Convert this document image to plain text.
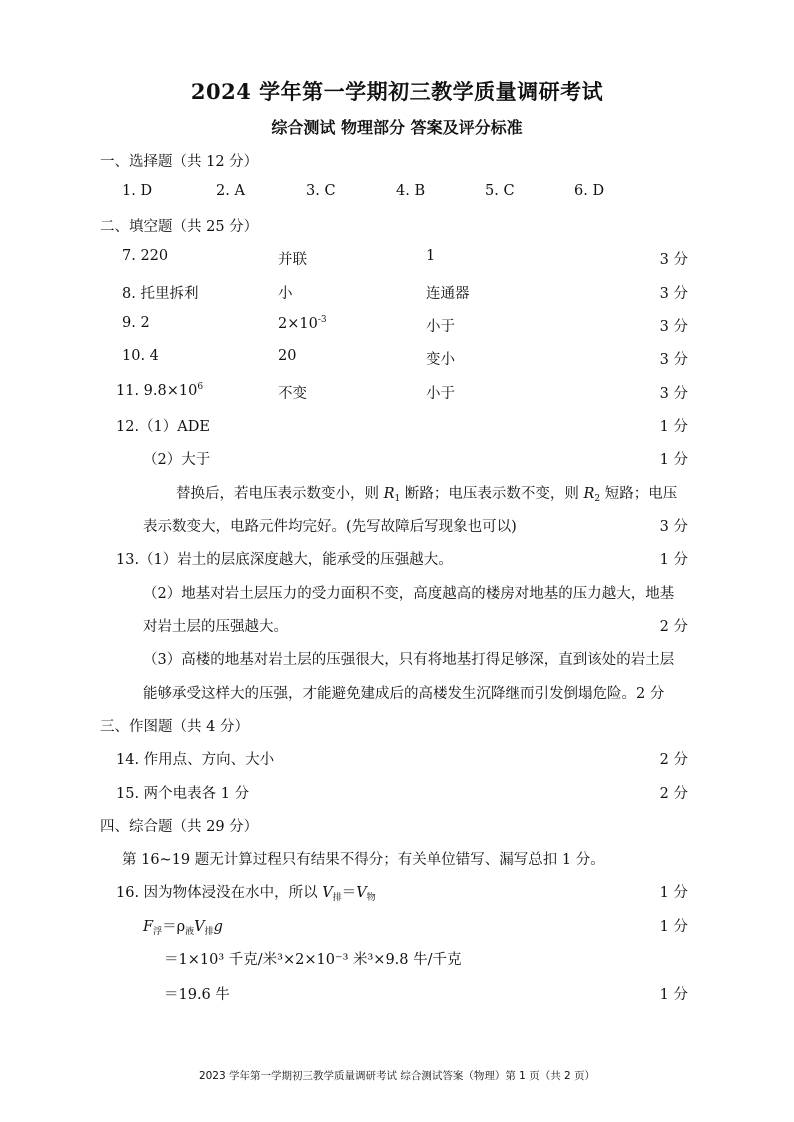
2024 学年第一学期初三教学质量调研考试
综合测试 物理部分 答案及评分标准
一、选择题（共 12 分）
1. D	2. A	3. C	4. B	5. C	6. D
二、填空题（共 25 分）
7. 220	并联	1	3 分
8. 托里拆利	小	连通器	3 分
9. 2	$2\times 10^{-3}$	小于	3 分
10. 4	20	变小	3 分
11. $9.8\times 10^6$	不变	小于	3 分
12.（1）ADE	1 分
（2）大于	1 分
替换后，若电压表示数变小，则 $R_1$ 断路；电压表示数不变，则 $R_2$ 短路；电压
表示数变大，电路元件均完好。(先写故障后写现象也可以)	3 分
13.（1）岩土的层底深度越大，能承受的压强越大。	1 分
（2）地基对岩土层压力的受力面积不变，高度越高的楼房对地基的压力越大，地基
对岩土层的压强越大。	2 分
（3）高楼的地基对岩土层的压强很大，只有将地基打得足够深，直到该处的岩土层
能够承受这样大的压强，才能避免建成后的高楼发生沉降继而引发倒塌危险。2 分
三、作图题（共 4 分）
14. 作用点、方向、大小	2 分
15. 两个电表各 1 分	2 分
四、综合题（共 29 分）
第 16~19 题无计算过程只有结果不得分；有关单位错写、漏写总扣 1 分。
16. 因为物体浸没在水中，所以 $V_排=V_物$	1 分
$F_浮=\rho_液V_排g$	1 分
＝1×10³ 千克/米³×2×10⁻³ 米³×9.8 牛/千克
＝19.6 牛	1 分
2023 学年第一学期初三教学质量调研考试 综合测试答案（物理）第 1 页（共 2 页）
